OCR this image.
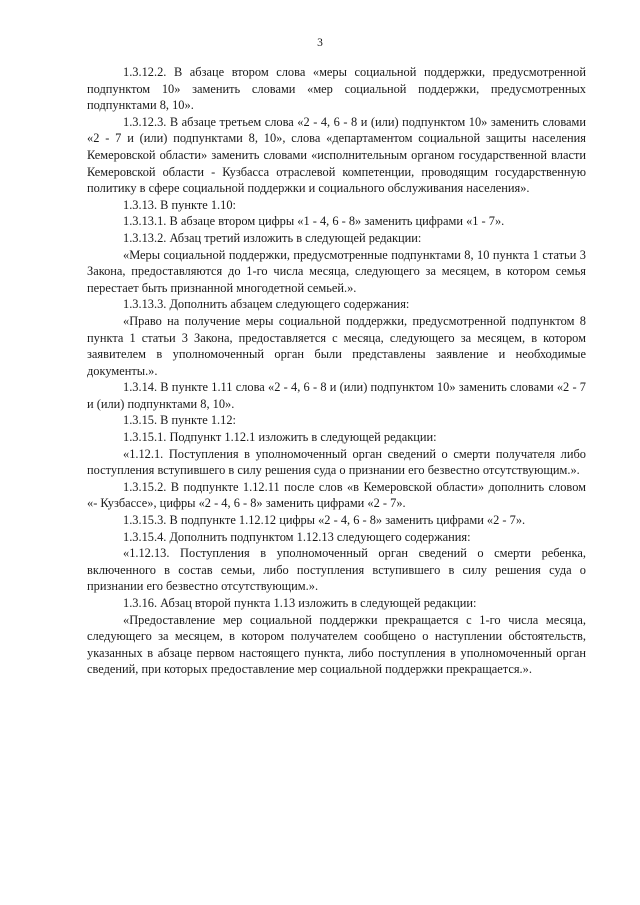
3

1.3.12.2. В абзаце втором слова «меры социальной поддержки, предусмотренной подпунктом 10» заменить словами «мер социальной поддержки, предусмотренных подпунктами 8, 10».

1.3.12.3. В абзаце третьем слова «2 - 4, 6 - 8 и (или) подпунктом 10» заменить словами «2 - 7 и (или) подпунктами 8, 10», слова «департаментом социальной защиты населения Кемеровской области» заменить словами «исполнительным органом государственной власти Кемеровской области - Кузбасса отраслевой компетенции, проводящим государственную политику в сфере социальной поддержки и социального обслуживания населения».

1.3.13. В пункте 1.10:

1.3.13.1. В абзаце втором цифры «1 - 4, 6 - 8» заменить цифрами «1 - 7».

1.3.13.2. Абзац третий изложить в следующей редакции:

«Меры социальной поддержки, предусмотренные подпунктами 8, 10 пункта 1 статьи 3 Закона, предоставляются до 1-го числа месяца, следующего за месяцем, в котором семья перестает быть признанной многодетной семьей.».

1.3.13.3. Дополнить абзацем следующего содержания:

«Право на получение меры социальной поддержки, предусмотренной подпунктом 8 пункта 1 статьи 3 Закона, предоставляется с месяца, следующего за месяцем, в котором заявителем в уполномоченный орган были представлены заявление и необходимые документы.».

1.3.14. В пункте 1.11 слова «2 - 4, 6 - 8 и (или) подпунктом 10» заменить словами «2 - 7 и (или) подпунктами 8, 10».

1.3.15. В пункте 1.12:

1.3.15.1. Подпункт 1.12.1 изложить в следующей редакции:

«1.12.1. Поступления в уполномоченный орган сведений о смерти получателя либо поступления вступившего в силу решения суда о признании его безвестно отсутствующим.».

1.3.15.2. В подпункте 1.12.11 после слов «в Кемеровской области» дополнить словом «- Кузбассе», цифры «2 - 4, 6 - 8» заменить цифрами «2 - 7».

1.3.15.3. В подпункте 1.12.12 цифры «2 - 4, 6 - 8» заменить цифрами «2 - 7».

1.3.15.4. Дополнить подпунктом 1.12.13 следующего содержания:

«1.12.13. Поступления в уполномоченный орган сведений о смерти ребенка, включенного в состав семьи, либо поступления вступившего в силу решения суда о признании его безвестно отсутствующим.».

1.3.16. Абзац второй пункта 1.13 изложить в следующей редакции:

«Предоставление мер социальной поддержки прекращается с 1-го числа месяца, следующего за месяцем, в котором получателем сообщено о наступлении обстоятельств, указанных в абзаце первом настоящего пункта, либо поступления в уполномоченный орган сведений, при которых предоставление мер социальной поддержки прекращается.».
